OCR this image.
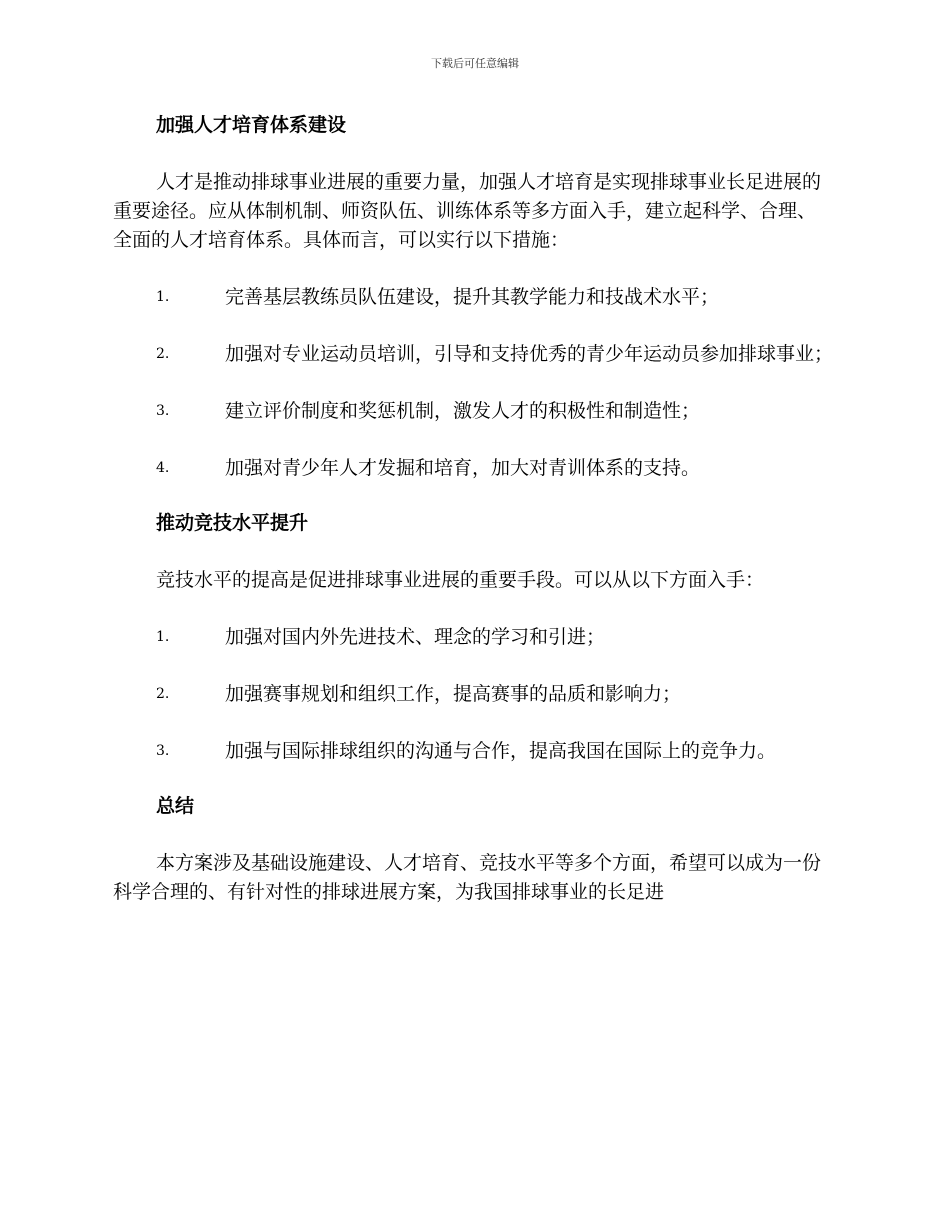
下载后可任意编辑
加强人才培育体系建设
人才是推动排球事业进展的重要力量，加强人才培育是实现排球事业长足进展的重要途径。应从体制机制、师资队伍、训练体系等多方面入手，建立起科学、合理、全面的人才培育体系。具体而言，可以实行以下措施：
1.	完善基层教练员队伍建设，提升其教学能力和技战术水平；
2.	加强对专业运动员培训，引导和支持优秀的青少年运动员参加排球事业；
3.	建立评价制度和奖惩机制，激发人才的积极性和制造性；
4.	加强对青少年人才发掘和培育，加大对青训体系的支持。
推动竞技水平提升
竞技水平的提高是促进排球事业进展的重要手段。可以从以下方面入手：
1.	加强对国内外先进技术、理念的学习和引进；
2.	加强赛事规划和组织工作，提高赛事的品质和影响力；
3.	加强与国际排球组织的沟通与合作，提高我国在国际上的竞争力。
总结
本方案涉及基础设施建设、人才培育、竞技水平等多个方面，希望可以成为一份科学合理的、有针对性的排球进展方案，为我国排球事业的长足进
